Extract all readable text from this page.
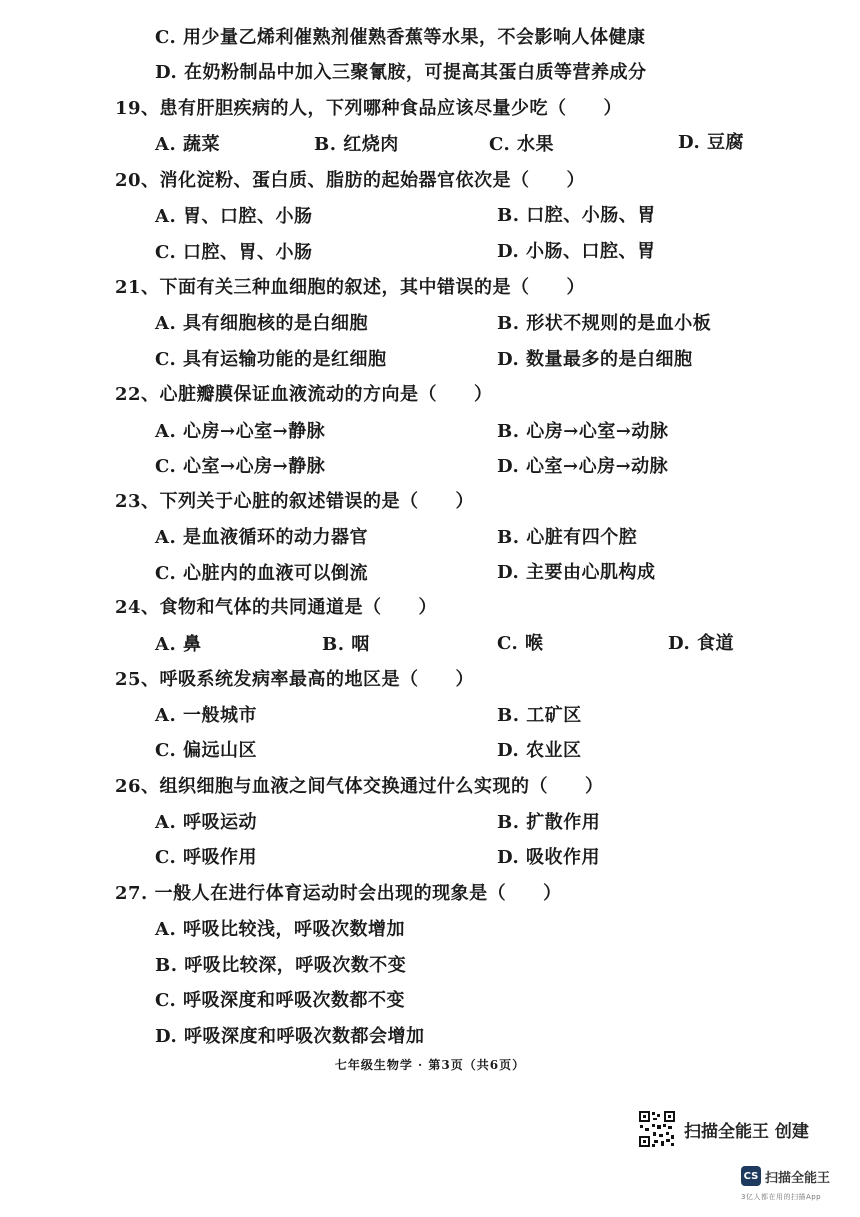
C. 用少量乙烯利催熟剂催熟香蕉等水果，不会影响人体健康
D. 在奶粉制品中加入三聚氰胺，可提高其蛋白质等营养成分
19、患有肝胆疾病的人，下列哪种食品应该尽量少吃（　　）
A. 蔬菜	B. 红烧肉	C. 水果	D. 豆腐
20、消化淀粉、蛋白质、脂肪的起始器官依次是（　　）
A. 胃、口腔、小肠	B. 口腔、小肠、胃
C. 口腔、胃、小肠	D. 小肠、口腔、胃
21、下面有关三种血细胞的叙述，其中错误的是（　　）
A. 具有细胞核的是白细胞	B. 形状不规则的是血小板
C. 具有运输功能的是红细胞	D. 数量最多的是白细胞
22、心脏瓣膜保证血液流动的方向是（　　）
A. 心房→心室→静脉	B. 心房→心室→动脉
C. 心室→心房→静脉	D. 心室→心房→动脉
23、下列关于心脏的叙述错误的是（　　）
A. 是血液循环的动力器官	B. 心脏有四个腔
C. 心脏内的血液可以倒流	D. 主要由心肌构成
24、食物和气体的共同通道是（　　）
A. 鼻	B. 咽	C. 喉	D. 食道
25、呼吸系统发病率最高的地区是（　　）
A. 一般城市	B. 工矿区
C. 偏远山区	D. 农业区
26、组织细胞与血液之间气体交换通过什么实现的（　　）
A. 呼吸运动	B. 扩散作用
C. 呼吸作用	D. 吸收作用
27. 一般人在进行体育运动时会出现的现象是（　　）
A. 呼吸比较浅，呼吸次数增加
B. 呼吸比较深，呼吸次数不变
C. 呼吸深度和呼吸次数都不变
D. 呼吸深度和呼吸次数都会增加
七年级生物学 · 第3页（共6页）
扫描全能王 创建
CS 扫描全能王
3亿人都在用的扫描App
